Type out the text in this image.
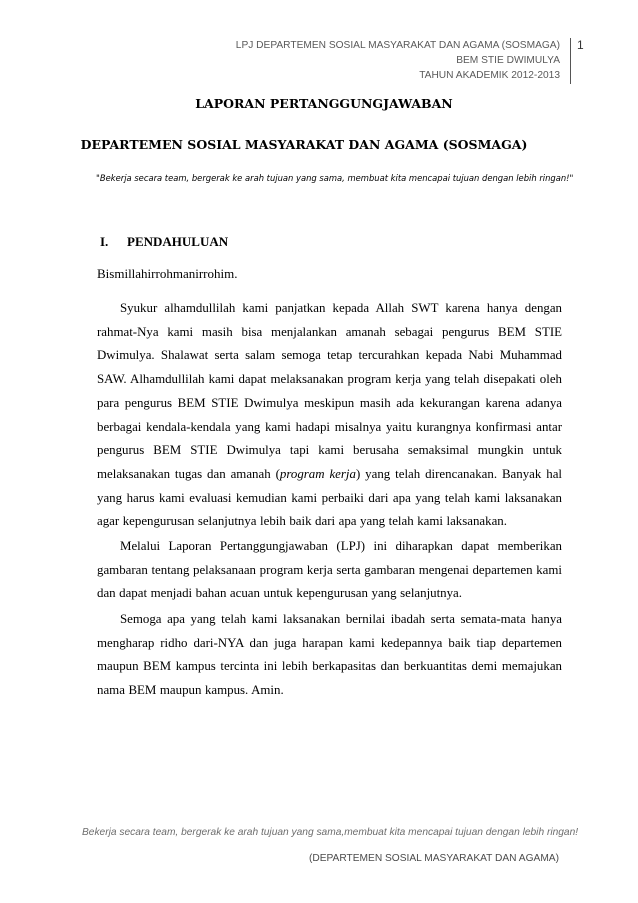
LPJ DEPARTEMEN SOSIAL MASYARAKAT DAN AGAMA (SOSMAGA)
BEM STIE DWIMULYA
TAHUN AKADEMIK 2012-2013
1
LAPORAN PERTANGGUNGJAWABAN
DEPARTEMEN SOSIAL MASYARAKAT DAN AGAMA (SOSMAGA)
"Bekerja secara team, bergerak ke arah tujuan yang sama, membuat kita mencapai tujuan dengan lebih ringan!"
I. PENDAHULUAN
Bismillahirrohmanirrohim.

Syukur alhamdullilah kami panjatkan kepada Allah SWT karena hanya dengan rahmat-Nya kami masih bisa menjalankan amanah sebagai pengurus BEM STIE Dwimulya. Shalawat serta salam semoga tetap tercurahkan kepada Nabi Muhammad SAW. Alhamdullilah kami dapat melaksanakan program kerja yang telah disepakati oleh para pengurus BEM STIE Dwimulya meskipun masih ada kekurangan karena adanya berbagai kendala-kendala yang kami hadapi misalnya yaitu kurangnya konfirmasi antar pengurus BEM STIE Dwimulya tapi kami berusaha semaksimal mungkin untuk melaksanakan tugas dan amanah (program kerja) yang telah direncanakan. Banyak hal yang harus kami evaluasi kemudian kami perbaiki dari apa yang telah kami laksanakan agar kepengurusan selanjutnya lebih baik dari apa yang telah kami laksanakan.

Melalui Laporan Pertanggungjawaban (LPJ) ini diharapkan dapat memberikan gambaran tentang pelaksanaan program kerja serta gambaran mengenai departemen kami dan dapat menjadi bahan acuan untuk kepengurusan yang selanjutnya.

Semoga apa yang telah kami laksanakan bernilai ibadah serta semata-mata hanya mengharap ridho dari-NYA dan juga harapan kami kedepannya baik tiap departemen maupun BEM kampus tercinta ini lebih berkapasitas dan berkuantitas demi memajukan nama BEM maupun kampus. Amin.

Bekerja secara team, bergerak ke arah tujuan yang sama,membuat kita mencapai tujuan dengan lebih ringan!
(DEPARTEMEN SOSIAL MASYARAKAT DAN AGAMA)
